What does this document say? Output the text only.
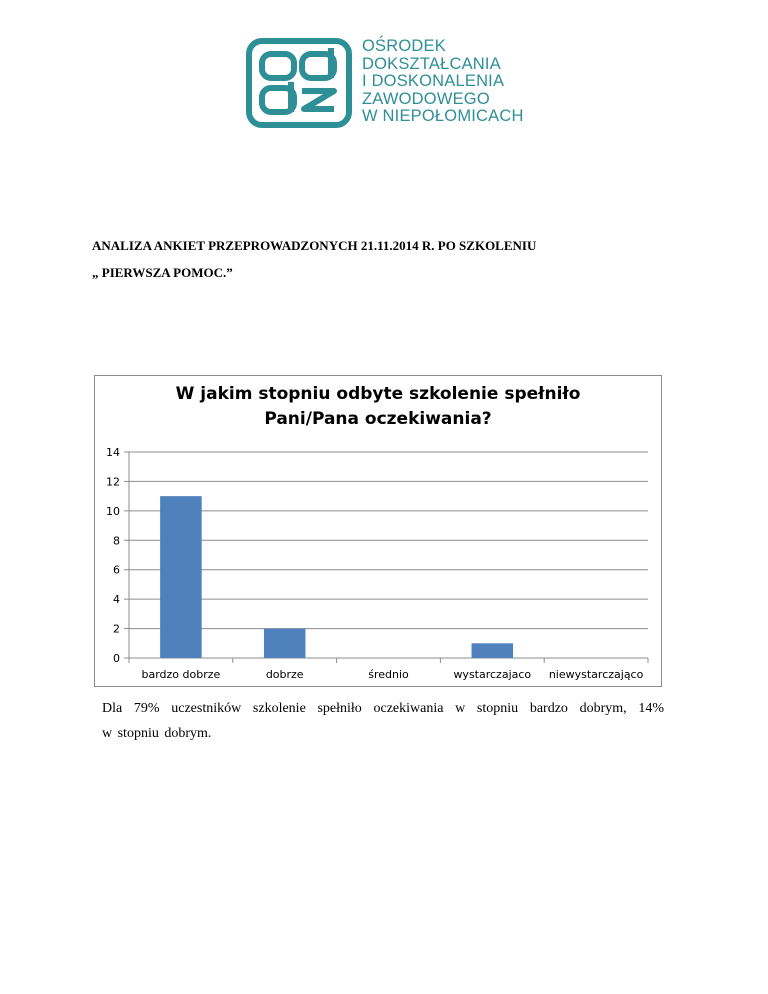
OŚRODEK
DOKSZTAŁCANIA
I DOSKONALENIA
ZAWODOWEGO
W NIEPOŁOMICACH
ANALIZA ANKIET PRZEPROWADZONYCH 21.11.2014 R. PO SZKOLENIU
„ PIERWSZA POMOC.”
W jakim stopniu odbyte szkolenie spełniło
Pani/Pana oczekiwania?
0
2
4
6
8
10
12
14
bardzo dobrze	dobrze	średnio	wystarczajaco niewystarczająco
Dla 79% uczestników szkolenie spełniło oczekiwania w stopniu bardzo dobrym, 14%
w stopniu dobrym.
